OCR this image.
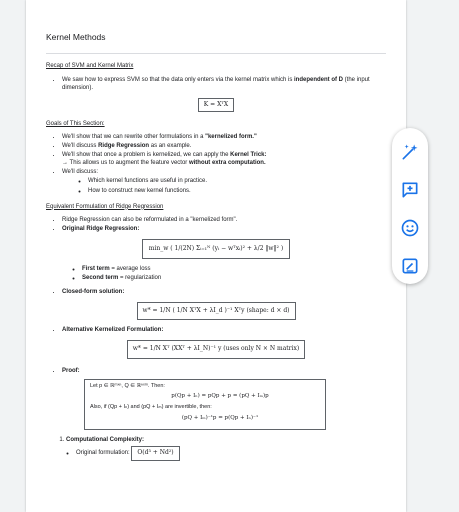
Kernel Methods
Recap of SVM and Kernel Matrix
• We saw how to express SVM so that the data only enters via the kernel matrix which is independent of D (the input dimension).
K = XᵀX
Goals of This Section:
• We'll show that we can rewrite other formulations in a "kernelized form."
• We'll discuss Ridge Regression as an example.
• We'll show that once a problem is kernelized, we can apply the Kernel Trick:
→ This allows us to augment the feature vector without extra computation.
• We'll discuss:
◦ Which kernel functions are useful in practice.
◦ How to construct new kernel functions.
Equivalent Formulation of Ridge Regression
• Ridge Regression can also be reformulated in a "kernelized form".
• Original Ridge Regression:
min_w ( 1/(2N) Σᵢ₌₁ᴺ (yᵢ − wᵀxᵢ)² + λ/2 ‖w‖² )
◦ First term = average loss
◦ Second term = regularization
• Closed-form solution:
w* = 1/N ( 1/N XᵀX + λI_d )⁻¹ Xᵀy (shape: d × d)
• Alternative Kernelized Formulation:
w* = 1/N Xᵀ (XXᵀ + λI_N)⁻¹ y (uses only N × N matrix)
• Proof:
Let p ∈ ℝᵐˣⁿ, Q ∈ ℝⁿˣᵐ. Then:
p(Qp + Iₙ) = pQp + p = (pQ + Iₘ)p
Also, if (Qp + Iₙ) and (pQ + Iₘ) are invertible, then:
(pQ + Iₘ)⁻¹p = p(Qp + Iₙ)⁻¹
1. Computational Complexity:
◦ Original formulation: O(d³ + Nd²)
